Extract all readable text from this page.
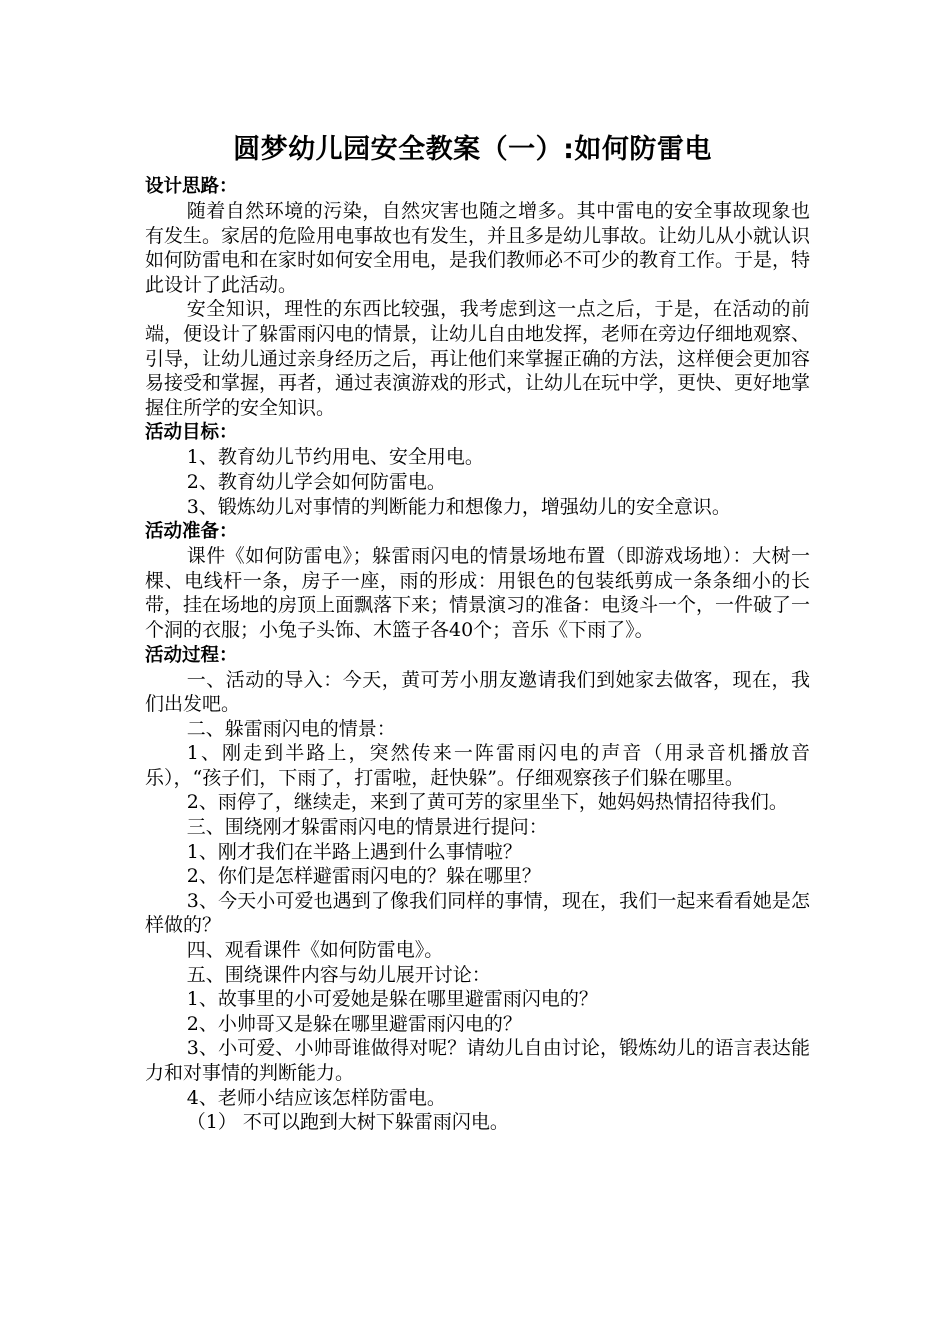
圆梦幼儿园安全教案（一）:如何防雷电

设计思路：

随着自然环境的污染，自然灾害也随之增多。其中雷电的安全事故现象也有发生。家居的危险用电事故也有发生，并且多是幼儿事故。让幼儿从小就认识如何防雷电和在家时如何安全用电，是我们教师必不可少的教育工作。于是，特此设计了此活动。

安全知识，理性的东西比较强，我考虑到这一点之后，于是，在活动的前端，便设计了躲雷雨闪电的情景，让幼儿自由地发挥，老师在旁边仔细地观察、引导，让幼儿通过亲身经历之后，再让他们来掌握正确的方法，这样便会更加容易接受和掌握，再者，通过表演游戏的形式，让幼儿在玩中学，更快、更好地掌握住所学的安全知识。

活动目标：

1、教育幼儿节约用电、安全用电。

2、教育幼儿学会如何防雷电。

3、锻炼幼儿对事情的判断能力和想像力，增强幼儿的安全意识。

活动准备：

课件《如何防雷电》；躲雷雨闪电的情景场地布置（即游戏场地）：大树一棵、电线杆一条，房子一座，雨的形成：用银色的包装纸剪成一条条细小的长带，挂在场地的房顶上面飘落下来；情景演习的准备：电烫斗一个，一件破了一个洞的衣服；小兔子头饰、木篮子各40个；音乐《下雨了》。

活动过程：

一、活动的导入：今天，黄可芳小朋友邀请我们到她家去做客，现在，我们出发吧。

二、躲雷雨闪电的情景：

1、刚走到半路上，突然传来一阵雷雨闪电的声音（用录音机播放音乐），“孩子们，下雨了，打雷啦，赶快躲”。仔细观察孩子们躲在哪里。

2、雨停了，继续走，来到了黄可芳的家里坐下，她妈妈热情招待我们。

三、围绕刚才躲雷雨闪电的情景进行提问：

1、刚才我们在半路上遇到什么事情啦？

2、你们是怎样避雷雨闪电的？躲在哪里？

3、今天小可爱也遇到了像我们同样的事情，现在，我们一起来看看她是怎样做的？

四、观看课件《如何防雷电》。

五、围绕课件内容与幼儿展开讨论：

1、故事里的小可爱她是躲在哪里避雷雨闪电的？

2、小帅哥又是躲在哪里避雷雨闪电的？

3、小可爱、小帅哥谁做得对呢？请幼儿自由讨论，锻炼幼儿的语言表达能力和对事情的判断能力。

4、老师小结应该怎样防雷电。

（1） 不可以跑到大树下躲雷雨闪电。
